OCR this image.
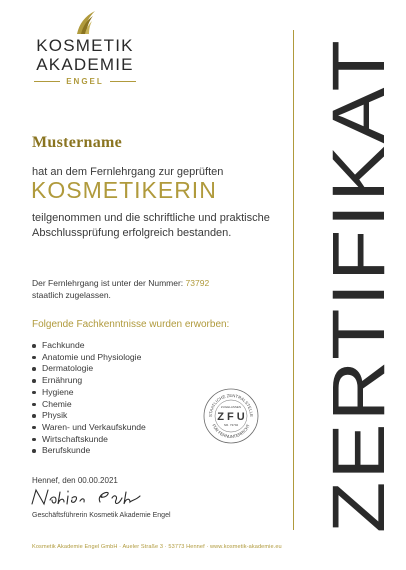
KOSMETIK
AKADEMIE
ENGEL
ZERTIFIKAT
Mustername
hat an dem Fernlehrgang zur geprüften
KOSMETIKERIN
teilgenommen und die schriftliche und praktische Abschlussprüfung erfolgreich bestanden.
Der Fernlehrgang ist unter der Nummer: 73792
staatlich zugelassen.
Folgende Fachkenntnisse wurden erworben:
Fachkunde
Anatomie und Physiologie
Dermatologie
Ernährung
Hygiene
Chemie
Physik
Waren- und Verkaufskunde
Wirtschaftskunde
Berufskunde
STAATLICHE ZENTRALSTELLE
FÜR FERNUNTERRICHT
ZUGELASSEN
Z F U
NR. 73792
Hennef, den 00.00.2021
Geschäftsführerin Kosmetik Akademie Engel
Kosmetik Akademie Engel GmbH · Aueler Straße 3 · 53773 Hennef · www.kosmetik-akademie.eu
